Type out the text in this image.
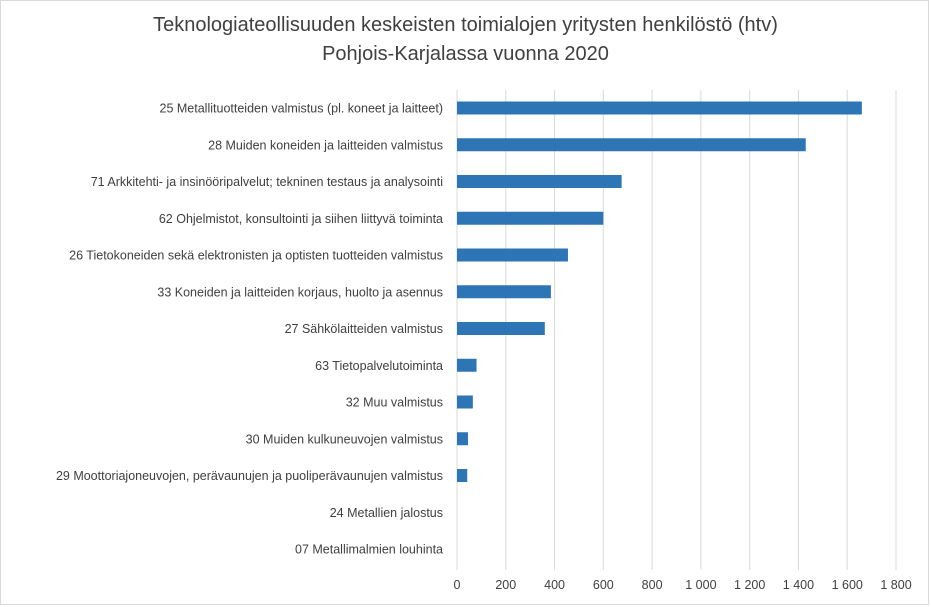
Teknologiateollisuuden keskeisten toimialojen yritysten henkilöstö (htv)
Pohjois-Karjalassa vuonna 2020
25 Metallituotteiden valmistus (pl. koneet ja laitteet)
28 Muiden koneiden ja laitteiden valmistus
71 Arkkitehti- ja insinööripalvelut; tekninen testaus ja analysointi
62 Ohjelmistot, konsultointi ja siihen liittyvä toiminta
26 Tietokoneiden sekä elektronisten ja optisten tuotteiden valmistus
33 Koneiden ja laitteiden korjaus, huolto ja asennus
27 Sähkölaitteiden valmistus
63 Tietopalvelutoiminta
32 Muu valmistus
30 Muiden kulkuneuvojen valmistus
29 Moottoriajoneuvojen, perävaunujen ja puoliperävaunujen valmistus
24 Metallien jalostus
07 Metallimalmien louhinta
0	200 400 600 800 1 000 1 200 1 400 1 600 1 800
